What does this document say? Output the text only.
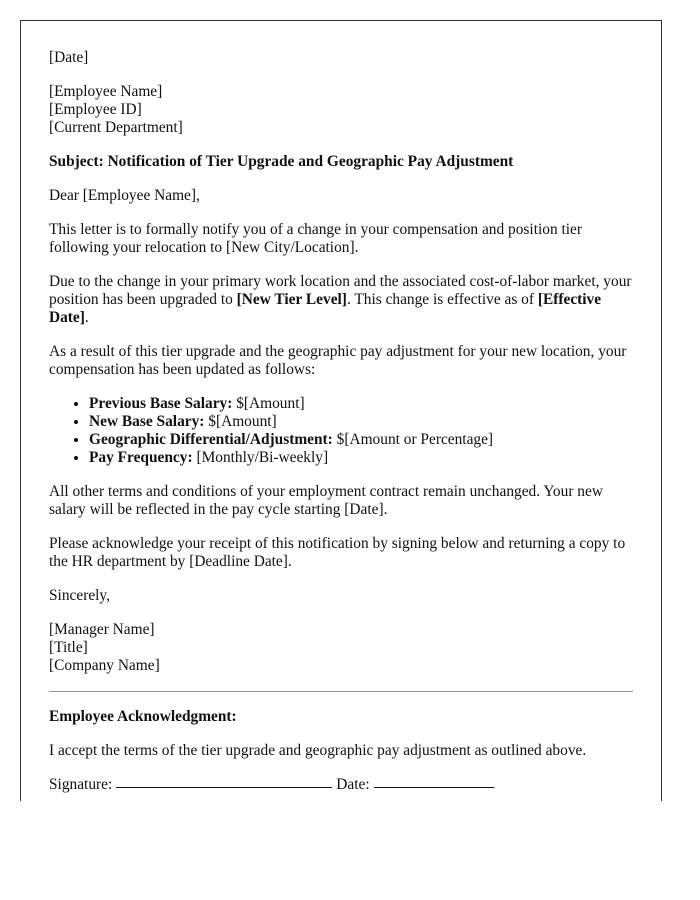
[Date]

[Employee Name]
[Employee ID]
[Current Department]

Subject: Notification of Tier Upgrade and Geographic Pay Adjustment

Dear [Employee Name],

This letter is to formally notify you of a change in your compensation and position tier following your relocation to [New City/Location].

Due to the change in your primary work location and the associated cost-of-labor market, your position has been upgraded to [New Tier Level]. This change is effective as of [Effective Date].

As a result of this tier upgrade and the geographic pay adjustment for your new location, your compensation has been updated as follows:

• Previous Base Salary: $[Amount]
• New Base Salary: $[Amount]
• Geographic Differential/Adjustment: $[Amount or Percentage]
• Pay Frequency: [Monthly/Bi-weekly]

All other terms and conditions of your employment contract remain unchanged. Your new salary will be reflected in the pay cycle starting [Date].

Please acknowledge your receipt of this notification by signing below and returning a copy to the HR department by [Deadline Date].

Sincerely,

[Manager Name]
[Title]
[Company Name]

Employee Acknowledgment:

I accept the terms of the tier upgrade and geographic pay adjustment as outlined above.

Signature:	Date:
